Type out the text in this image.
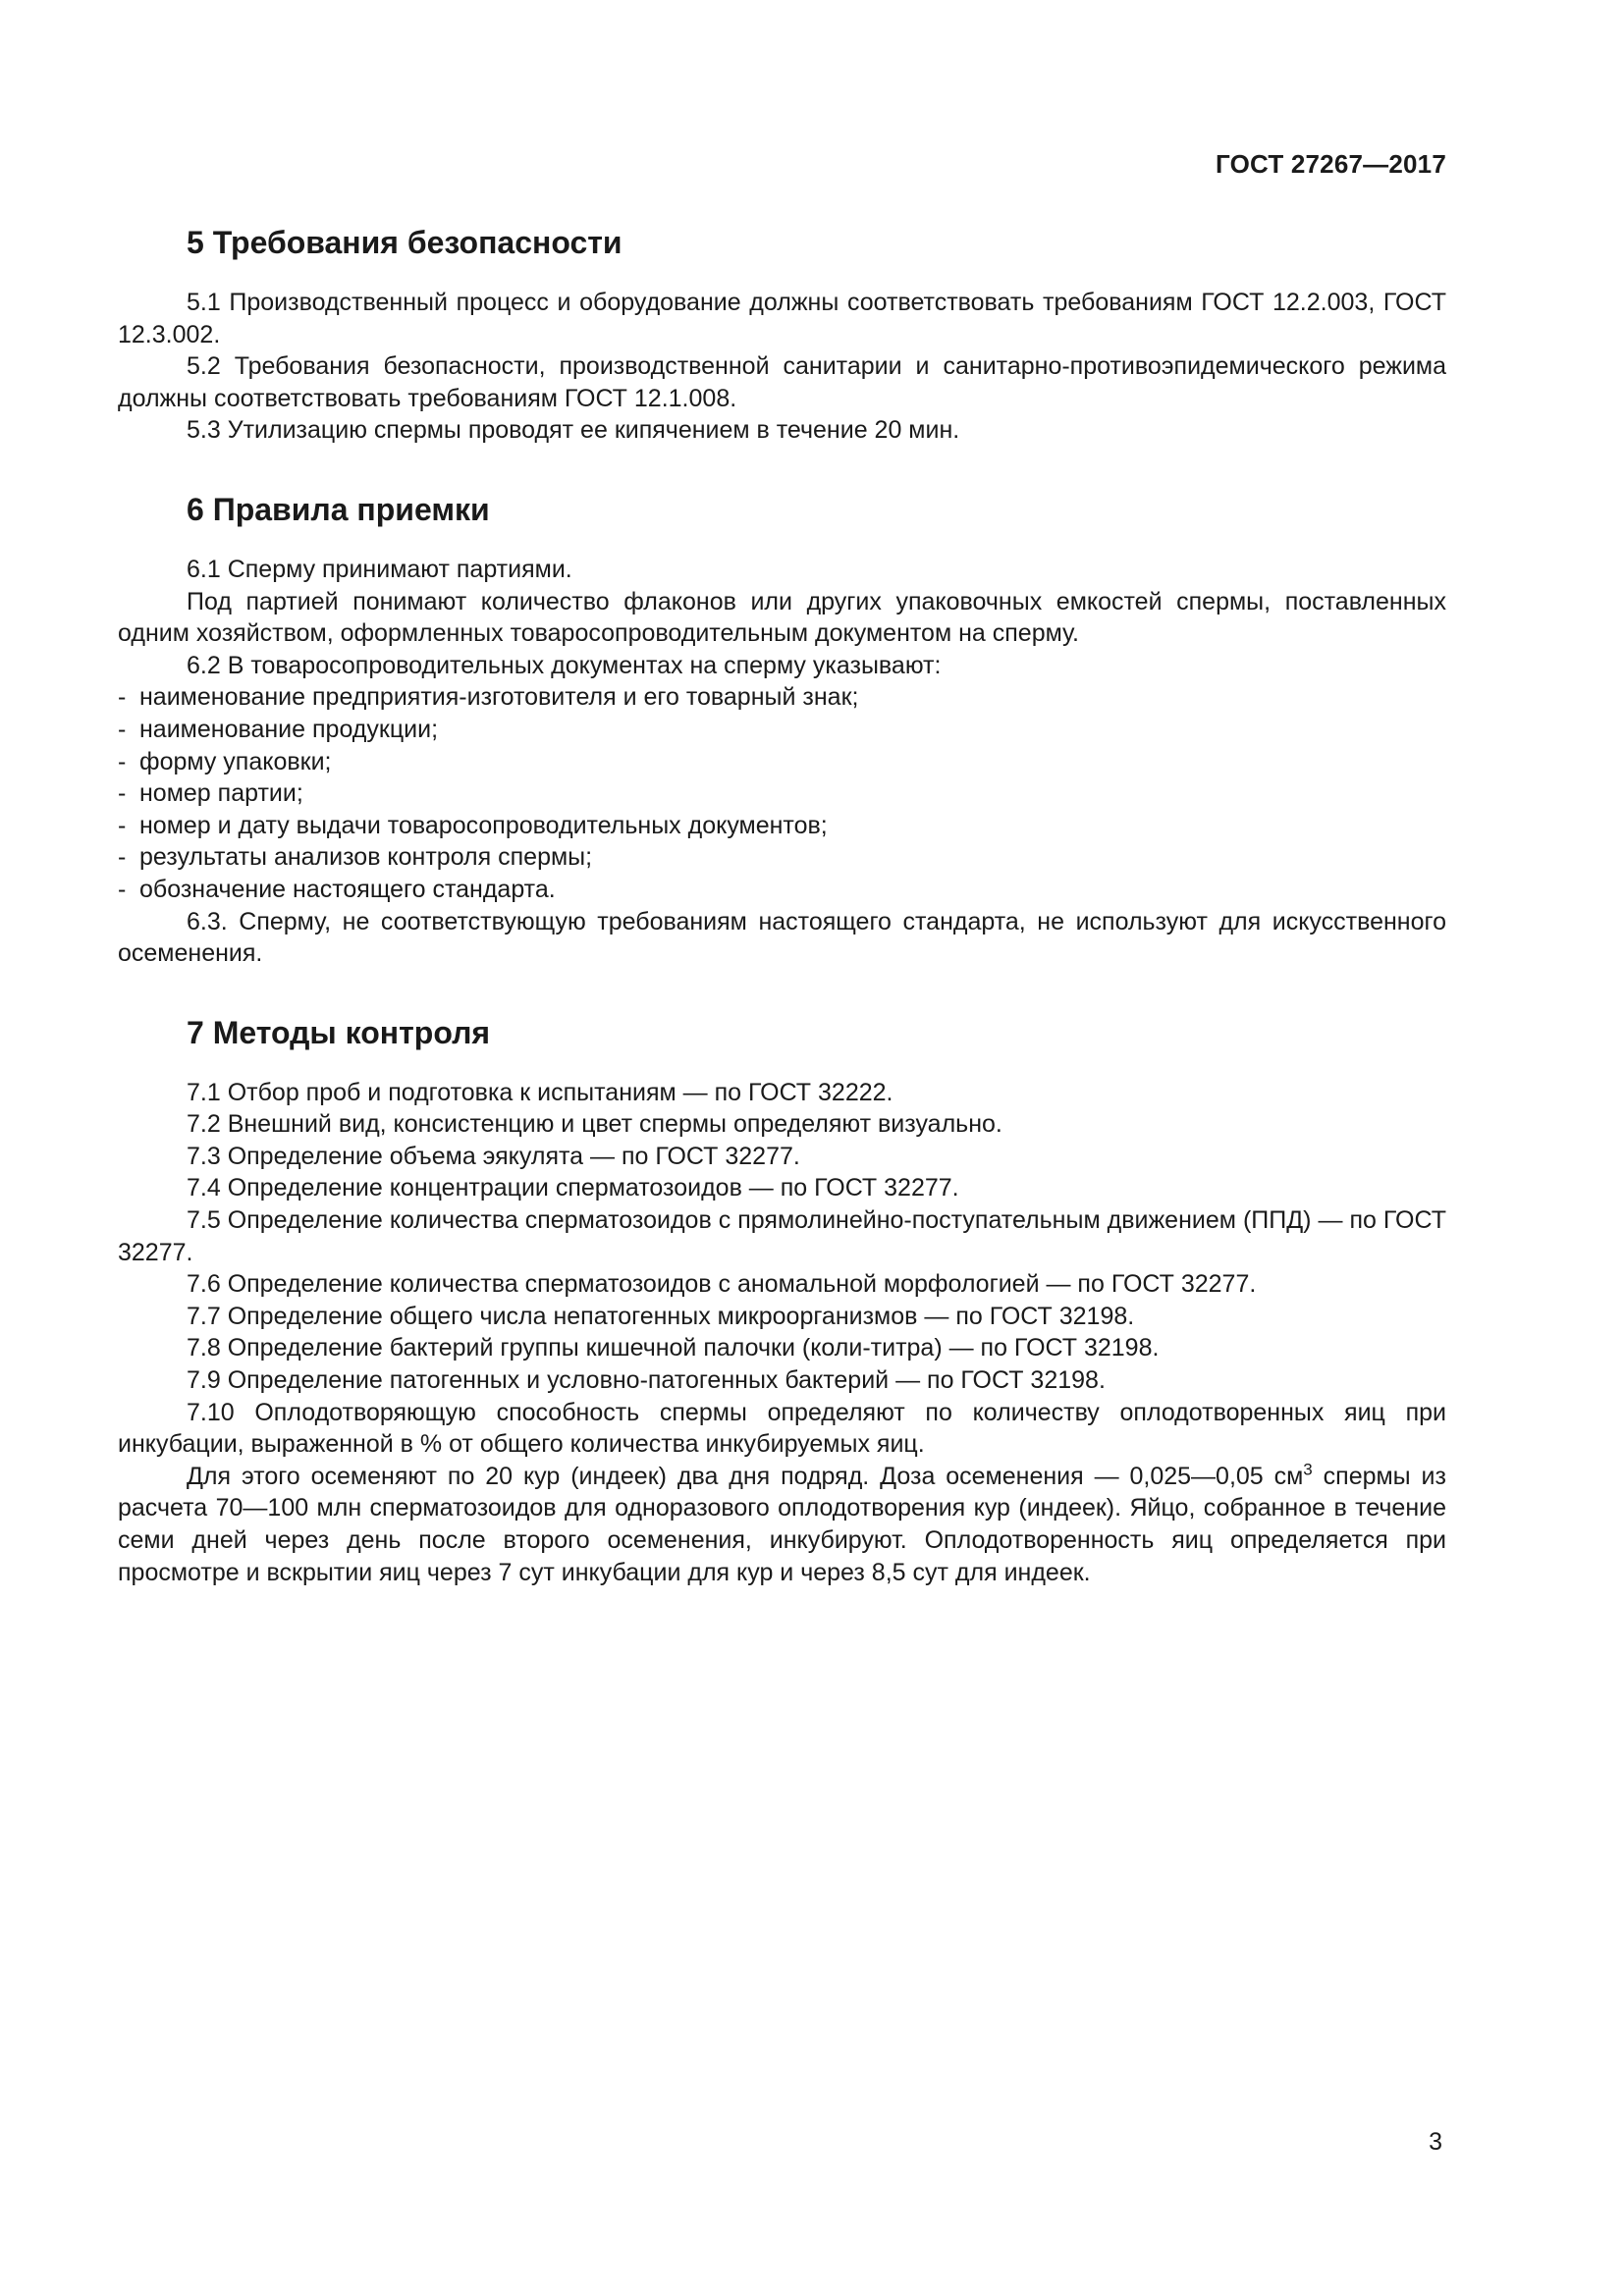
ГОСТ 27267—2017
5 Требования безопасности

5.1 Производственный процесс и оборудование должны соответствовать требованиям ГОСТ 12.2.003, ГОСТ 12.3.002.

5.2 Требования безопасности, производственной санитарии и санитарно-противоэпидемического режима должны соответствовать требованиям ГОСТ 12.1.008.

5.3 Утилизацию спермы проводят ее кипячением в течение 20 мин.

6 Правила приемки

6.1 Сперму принимают партиями.

Под партией понимают количество флаконов или других упаковочных емкостей спермы, поставленных одним хозяйством, оформленных товаросопроводительным документом на сперму.

6.2 В товаросопроводительных документах на сперму указывают:

- наименование предприятия-изготовителя и его товарный знак;
- наименование продукции;
- форму упаковки;
- номер партии;
- номер и дату выдачи товаросопроводительных документов;
- результаты анализов контроля спермы;
- обозначение настоящего стандарта.

6.3. Сперму, не соответствующую требованиям настоящего стандарта, не используют для искусственного осеменения.

7 Методы контроля

7.1 Отбор проб и подготовка к испытаниям — по ГОСТ 32222.

7.2 Внешний вид, консистенцию и цвет спермы определяют визуально.

7.3 Определение объема эякулята — по ГОСТ 32277.

7.4 Определение концентрации сперматозоидов — по ГОСТ 32277.

7.5 Определение количества сперматозоидов с прямолинейно-поступательным движением (ППД) — по ГОСТ 32277.

7.6 Определение количества сперматозоидов с аномальной морфологией — по ГОСТ 32277.

7.7 Определение общего числа непатогенных микроорганизмов — по ГОСТ 32198.

7.8 Определение бактерий группы кишечной палочки (коли-титра) — по ГОСТ 32198.

7.9 Определение патогенных и условно-патогенных бактерий — по ГОСТ 32198.

7.10 Оплодотворяющую способность спермы определяют по количеству оплодотворенных яиц при инкубации, выраженной в % от общего количества инкубируемых яиц.

Для этого осеменяют по 20 кур (индеек) два дня подряд. Доза осеменения — 0,025—0,05 $см^3$ спермы из расчета 70—100 млн сперматозоидов для одноразового оплодотворения кур (индеек). Яйцо, собранное в течение семи дней через день после второго осеменения, инкубируют. Оплодотворенность яиц определяется при просмотре и вскрытии яиц через 7 сут инкубации для кур и через 8,5 сут для индеек.

3
